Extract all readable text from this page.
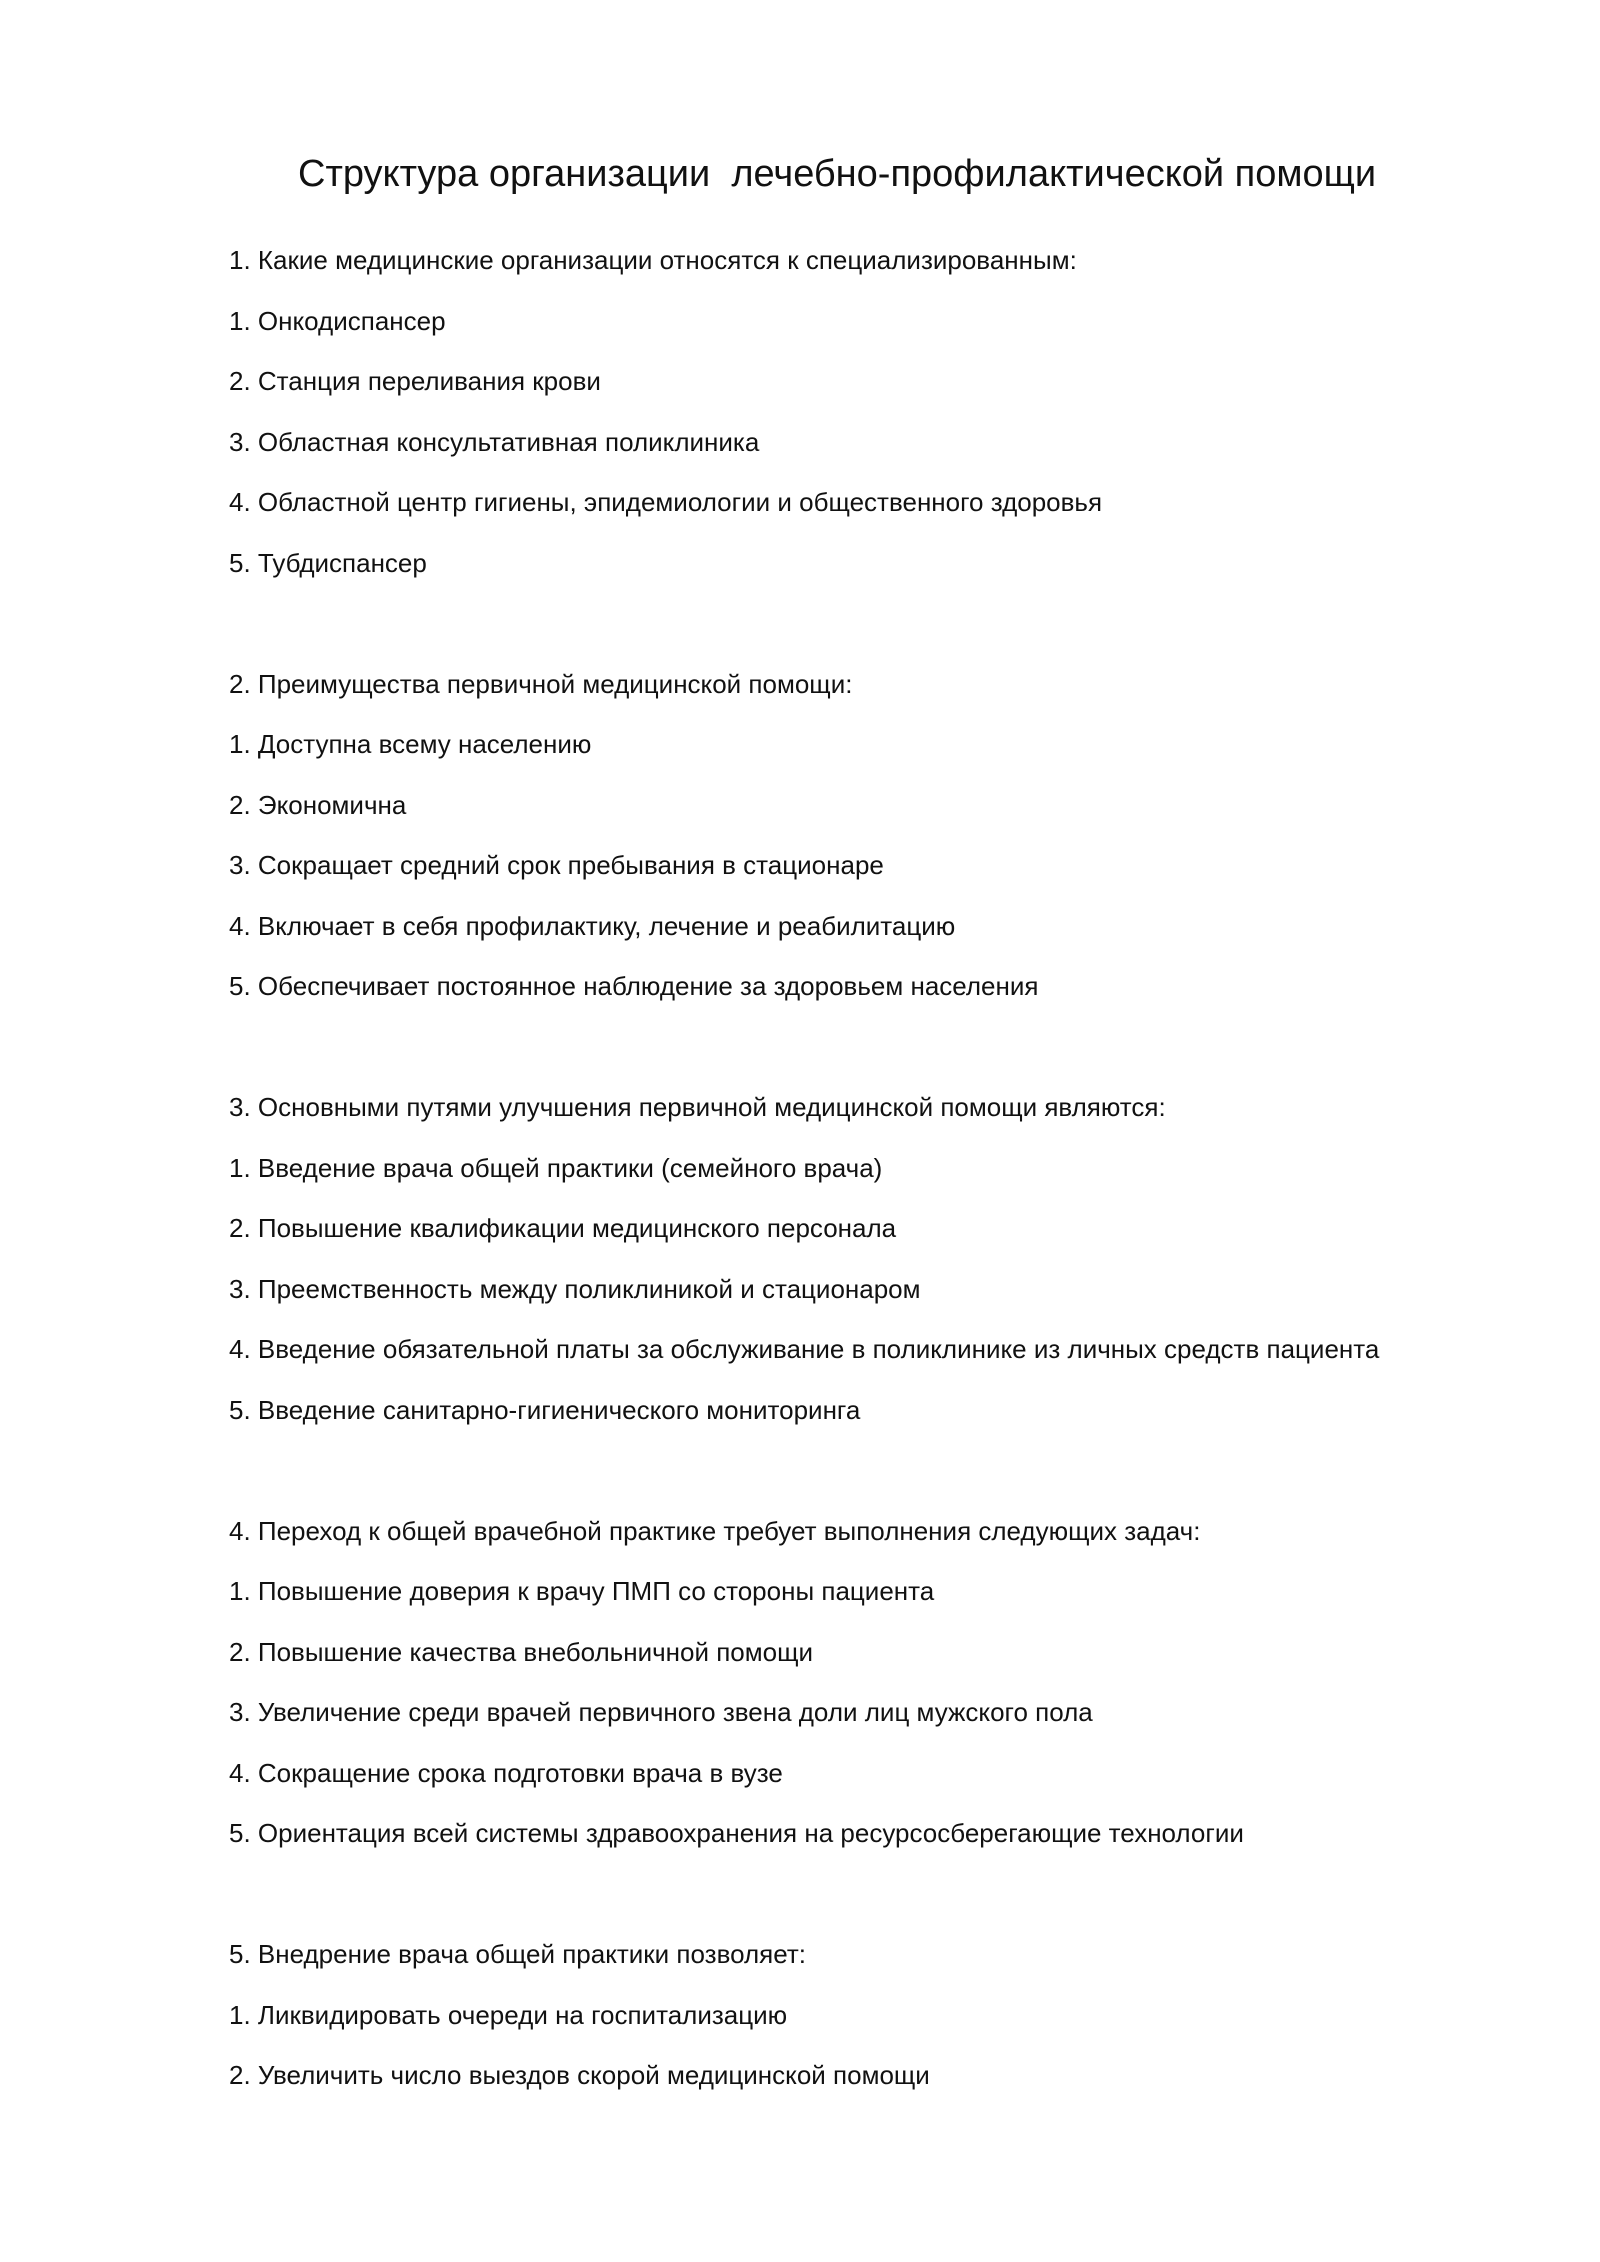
Структура организации  лечебно-профилактической помощи
1. Какие медицинские организации относятся к специализированным:
1. Онкодиспансер
2. Станция переливания крови
3. Областная консультативная поликлиника
4. Областной центр гигиены, эпидемиологии и общественного здоровья
5. Тубдиспансер
2. Преимущества первичной медицинской помощи:
1. Доступна всему населению
2. Экономична
3. Сокращает средний срок пребывания в стационаре
4. Включает в себя профилактику, лечение и реабилитацию
5. Обеспечивает постоянное наблюдение за здоровьем населения
3. Основными путями улучшения первичной медицинской помощи являются:
1. Введение врача общей практики (семейного врача)
2. Повышение квалификации медицинского персонала
3. Преемственность между поликлиникой и стационаром
4. Введение обязательной платы за обслуживание в поликлинике из личных средств пациента
5. Введение санитарно-гигиенического мониторинга
4. Переход к общей врачебной практике требует выполнения следующих задач:
1. Повышение доверия к врачу ПМП со стороны пациента
2. Повышение качества внебольничной помощи
3. Увеличение среди врачей первичного звена доли лиц мужского пола
4. Сокращение срока подготовки врача в вузе
5. Ориентация всей системы здравоохранения на ресурсосберегающие технологии
5. Внедрение врача общей практики позволяет:
1. Ликвидировать очереди на госпитализацию
2. Увеличить число выездов скорой медицинской помощи
